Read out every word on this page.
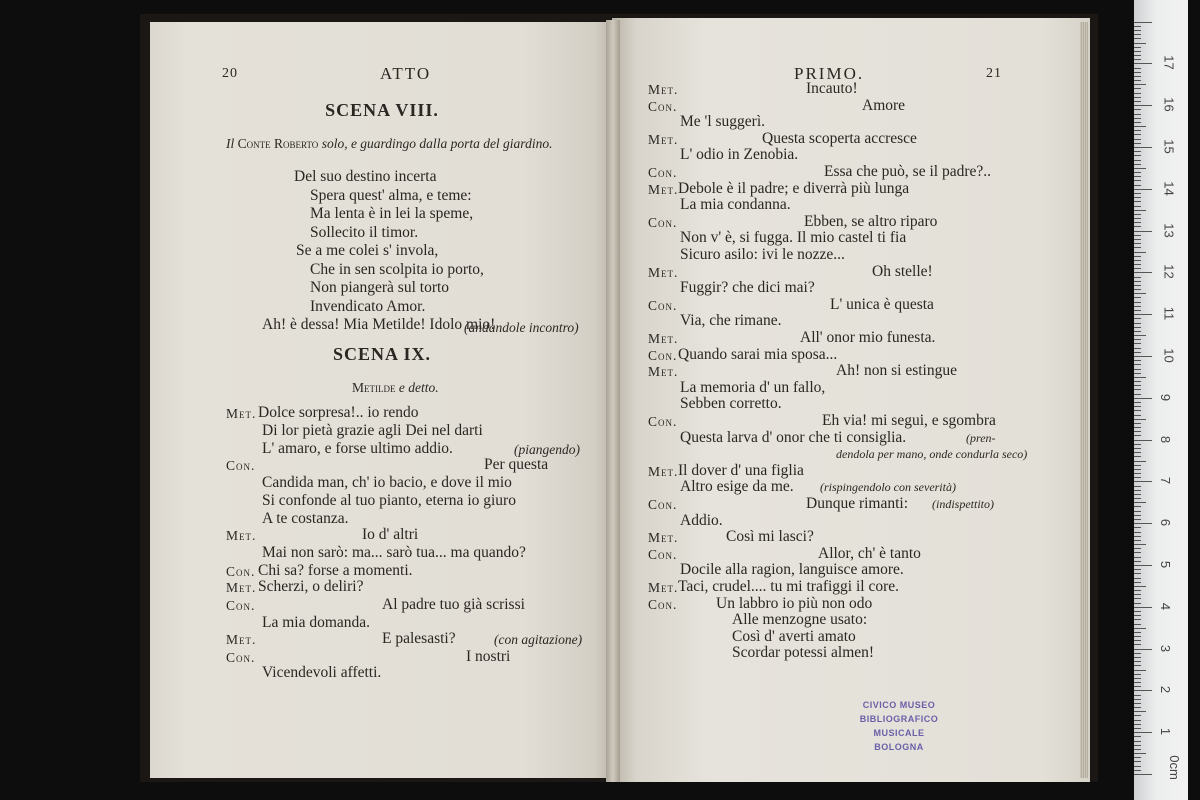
20	ATTO
SCENA VIII.
Il Conte Roberto solo, e guardingo dalla porta del giardino.
Del suo destino incerta
Spera quest' alma, e teme:
Ma lenta è in lei la speme,
Sollecito il timor.
Se a me colei s' invola,
Che in sen scolpita io porto,
Non piangerà sul torto
Invendicato Amor.
Ah! è dessa! Mia Metilde! Idolo mio!
(andandole incontro)
SCENA IX.
Metilde e detto.
Met. Dolce sorpresa!.. io rendo
Di lor pietà grazie agli Dei nel darti
L' amaro, e forse ultimo addio.	(piangendo)
Con.	Per questa
Candida man, ch' io bacio, e dove il mio
Si confonde al tuo pianto, eterna io giuro
A te costanza.
Met.	Io d' altri
Mai non sarò: ma... sarò tua... ma quando?
Con. Chi sa? forse a momenti.
Met. Scherzi, o deliri?
Con.	Al padre tuo già scrissi
La mia domanda.
Met.	E palesasti?	(con agitazione)
Con.	I nostri
Vicendevoli affetti.
PRIMO.	21
Met.	Incauto!
Con.	Amore
Me 'l suggerì.
Met.	Questa scoperta accresce
L' odio in Zenobia.
Con.	Essa che può, se il padre?..
Met. Debole è il padre; e diverrà più lunga
La mia condanna.
Con.	Ebben, se altro riparo
Non v' è, si fugga. Il mio castel ti fia
Sicuro asilo: ivi le nozze...
Met.	Oh stelle!
Fuggir? che dici mai?
Con.	L' unica è questa
Via, che rimane.
Met.	All' onor mio funesta.
Con. Quando sarai mia sposa...
Met.	Ah! non si estingue
La memoria d' un fallo,
Sebben corretto.
Con.	Eh via! mi segui, e sgombra
Questa larva d' onor che ti consiglia.	(pren-
dendola per mano, onde condurla seco)
Met. Il dover d' una figlia
Altro esige da me. (rispingendolo con severità)
Con.	Dunque rimanti: (indispettito)
Addio.
Met.	Così mi lasci?
Con.	Allor, ch' è tanto
Docile alla ragion, languisce amore.
Met. Taci, crudel.... tu mi trafiggi il core.
Con. Un labbro io più non odo
Alle menzogne usato:
Così d' averti amato
Scordar potessi almen!
CIVICO MUSEO
BIBLIOGRAFICO MUSICALE
BOLOGNA
0cm
1
2
3
4
5
6
7
8
9
10
11
12
13
14
15
16
17
